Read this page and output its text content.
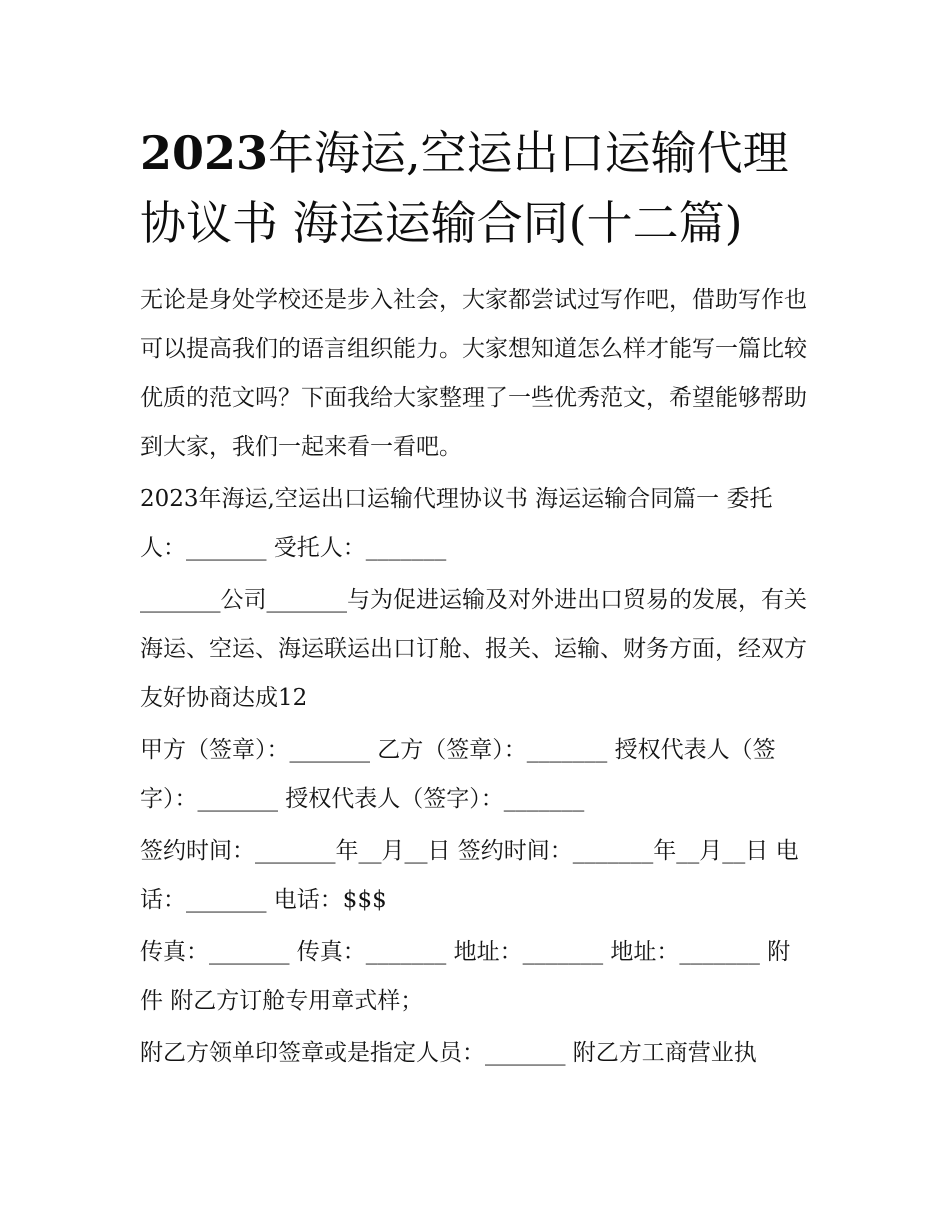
2023年海运,空运出口运输代理协议书 海运运输合同(十二篇)

无论是身处学校还是步入社会，大家都尝试过写作吧，借助写作也可以提高我们的语言组织能力。大家想知道怎么样才能写一篇比较优质的范文吗？下面我给大家整理了一些优秀范文，希望能够帮助到大家，我们一起来看一看吧。

2023年海运,空运出口运输代理协议书 海运运输合同篇一 委托人：_______ 受托人：_______

_______公司_______与为促进运输及对外进出口贸易的发展，有关海运、空运、海运联运出口订舱、报关、运输、财务方面，经双方友好协商达成12

甲方（签章）：_______ 乙方（签章）：_______ 授权代表人（签字）：_______ 授权代表人（签字）：_______

签约时间：_______年__月__日 签约时间：_______年__月__日 电话：_______ 电话：$$$

传真：_______ 传真：_______ 地址：_______ 地址：_______ 附件 附乙方订舱专用章式样；

附乙方领单印签章或是指定人员：_______ 附乙方工商营业执
